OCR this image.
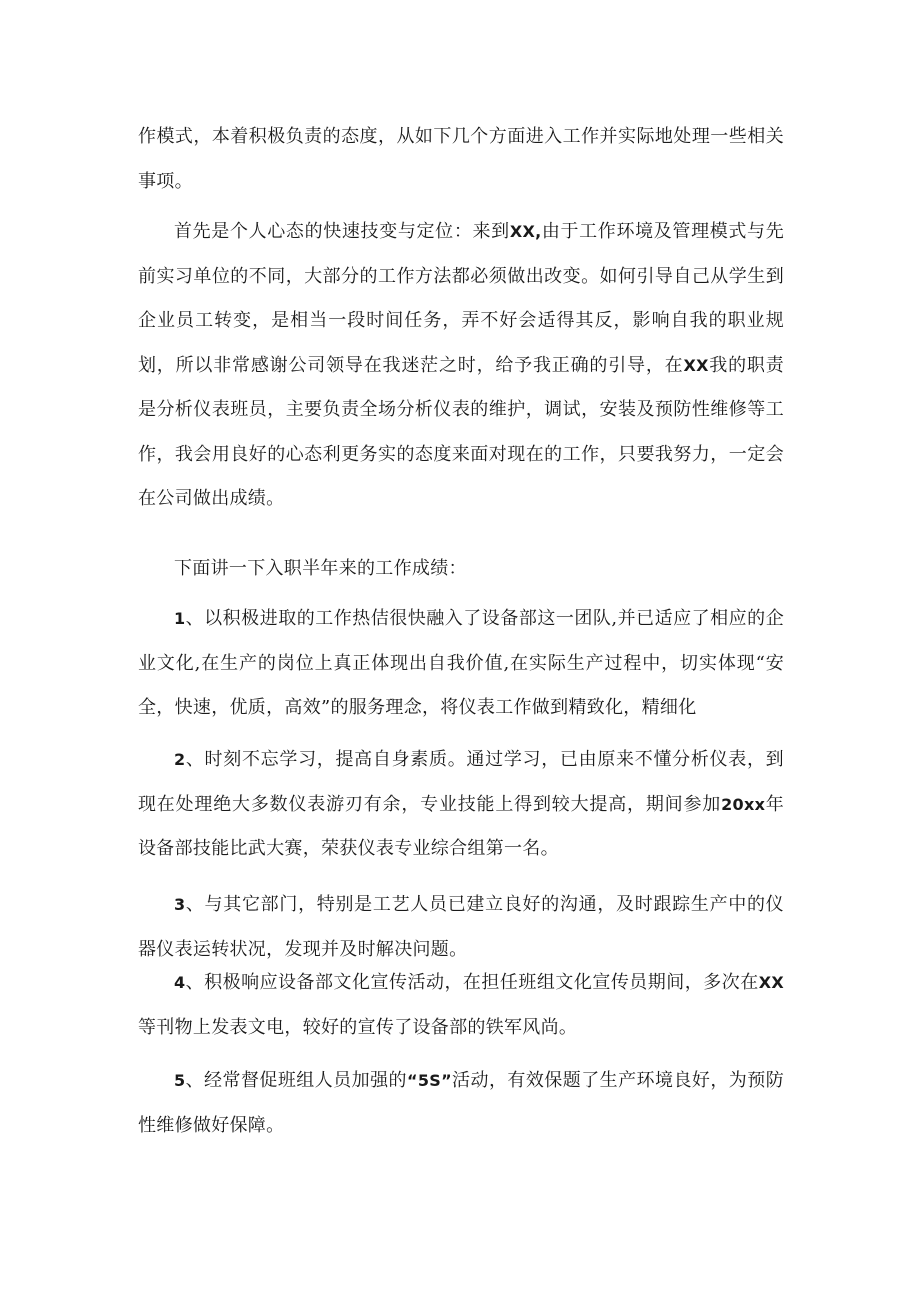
作模式，本着积极负责的态度，从如下几个方面进入工作并实际地处理一些相关事项。

首先是个人心态的快速技变与定位：来到XX,由于工作环境及管理模式与先前实习单位的不同，大部分的工作方法都必须做出改变。如何引导自己从学生到企业员工转变，是相当一段时间任务，弄不好会适得其反，影响自我的职业规划，所以非常感谢公司领导在我迷茫之时，给予我正确的引导，在XX我的职责是分析仪表班员，主要负责全场分析仪表的维护，调试，安装及预防性维修等工作，我会用良好的心态利更务实的态度来面对现在的工作，只要我努力，一定会在公司做出成绩。

下面讲一下入职半年来的工作成绩：

1、以积极进取的工作热佶很快融入了设备部这一团队,并已适应了相应的企业文化,在生产的岗位上真正体现出自我价值,在实际生产过程中，切实体现“安全，快速，优质，高效”的服务理念，将仪表工作做到精致化，精细化

2、时刻不忘学习，提高自身素质。通过学习，已由原来不懂分析仪表，到现在处理绝大多数仪表游刃有余，专业技能上得到较大提高，期间参加20xx年设备部技能比武大赛，荣获仪表专业综合组第一名。

3、与其它部门，特别是工艺人员已建立良好的沟通，及时跟踪生产中的仪器仪表运转状况，发现并及时解决问题。

4、积极响应设备部文化宣传活动，在担任班组文化宣传员期间，多次在XX等刊物上发表文电，较好的宣传了设备部的铁军风尚。

5、经常督促班组人员加强的“5S”活动，有效保题了生产环境良好，为预防性维修做好保障。
